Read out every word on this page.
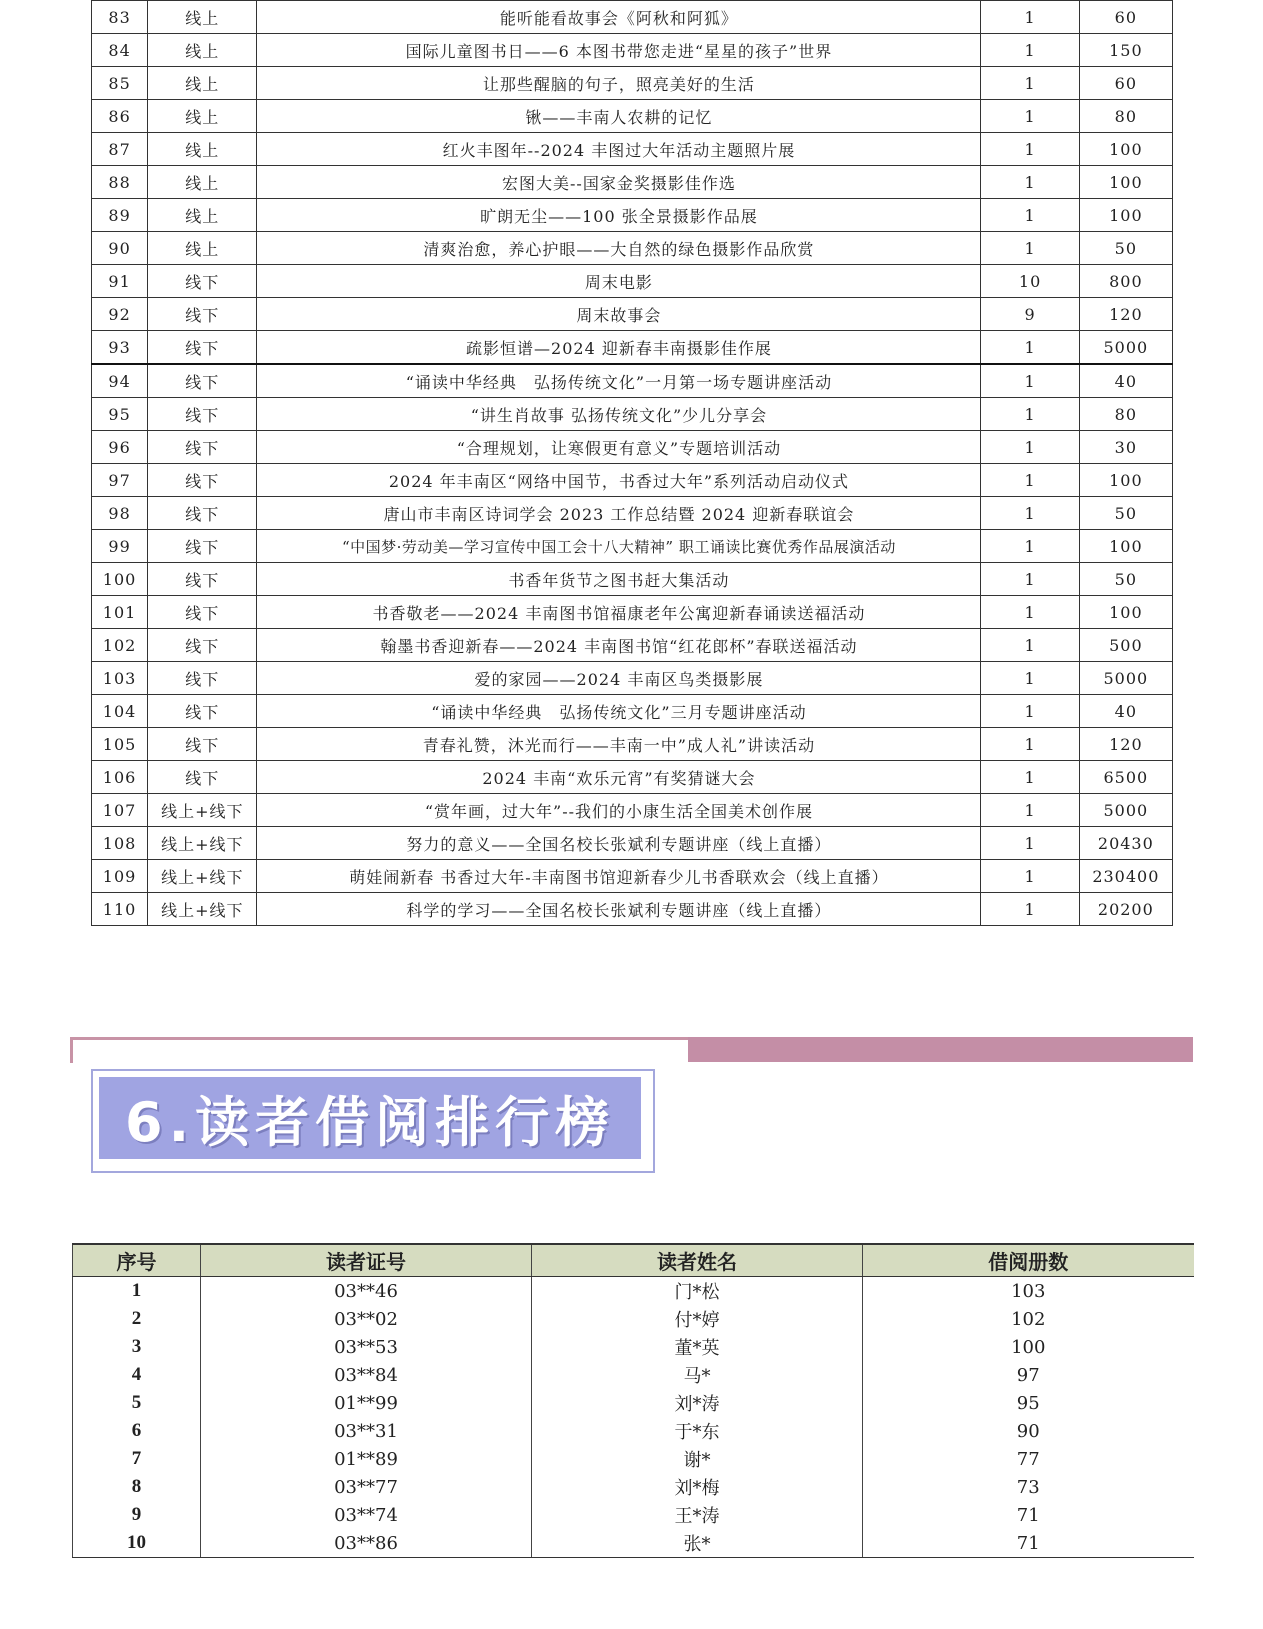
83	线上	能听能看故事会《阿秋和阿狐》	1	60
84	线上	国际儿童图书日——6 本图书带您走进“星星的孩子”世界	1	150
85	线上	让那些醒脑的句子，照亮美好的生活	1	60
86	线上	锹——丰南人农耕的记忆	1	80
87	线上	红火丰图年--2024 丰图过大年活动主题照片展	1	100
88	线上	宏图大美--国家金奖摄影佳作选	1	100
89	线上	旷朗无尘——100 张全景摄影作品展	1	100
90	线上	清爽治愈，养心护眼——大自然的绿色摄影作品欣赏	1	50
91	线下	周末电影	10	800
92	线下	周末故事会	9	120
93	线下	疏影恒谱—2024 迎新春丰南摄影佳作展	1	5000
94	线下	“诵读中华经典　弘扬传统文化”一月第一场专题讲座活动	1	40
95	线下	“讲生肖故事 弘扬传统文化”少儿分享会	1	80
96	线下	“合理规划，让寒假更有意义”专题培训活动	1	30
97	线下	2024 年丰南区“网络中国节，书香过大年”系列活动启动仪式	1	100
98	线下	唐山市丰南区诗词学会 2023 工作总结暨 2024 迎新春联谊会	1	50
99	线下	“中国梦·劳动美—学习宣传中国工会十八大精神” 职工诵读比赛优秀作品展演活动	1	100
100	线下	书香年货节之图书赶大集活动	1	50
101	线下	书香敬老——2024 丰南图书馆福康老年公寓迎新春诵读送福活动	1	100
102	线下	翰墨书香迎新春——2024 丰南图书馆“红花郎杯”春联送福活动	1	500
103	线下	爱的家园——2024 丰南区鸟类摄影展	1	5000
104	线下	“诵读中华经典　弘扬传统文化”三月专题讲座活动	1	40
105	线下	青春礼赞，沐光而行——丰南一中”成人礼”讲读活动	1	120
106	线下	2024 丰南“欢乐元宵”有奖猜谜大会	1	6500
107	线上+线下	“赏年画，过大年”--我们的小康生活全国美术创作展	1	5000
108	线上+线下	努力的意义——全国名校长张斌利专题讲座（线上直播）	1	20430
109	线上+线下	萌娃闹新春 书香过大年-丰南图书馆迎新春少儿书香联欢会（线上直播）	1	230400
110	线上+线下	科学的学习——全国名校长张斌利专题讲座（线上直播）	1	20200
6.读者借阅排行榜
序号	读者证号	读者姓名	借阅册数
1	03**46	门*松	103
2	03**02	付*婷	102
3	03**53	董*英	100
4	03**84	马*	97
5	01**99	刘*涛	95
6	03**31	于*东	90
7	01**89	谢*	77
8	03**77	刘*梅	73
9	03**74	王*涛	71
10	03**86	张*	71
